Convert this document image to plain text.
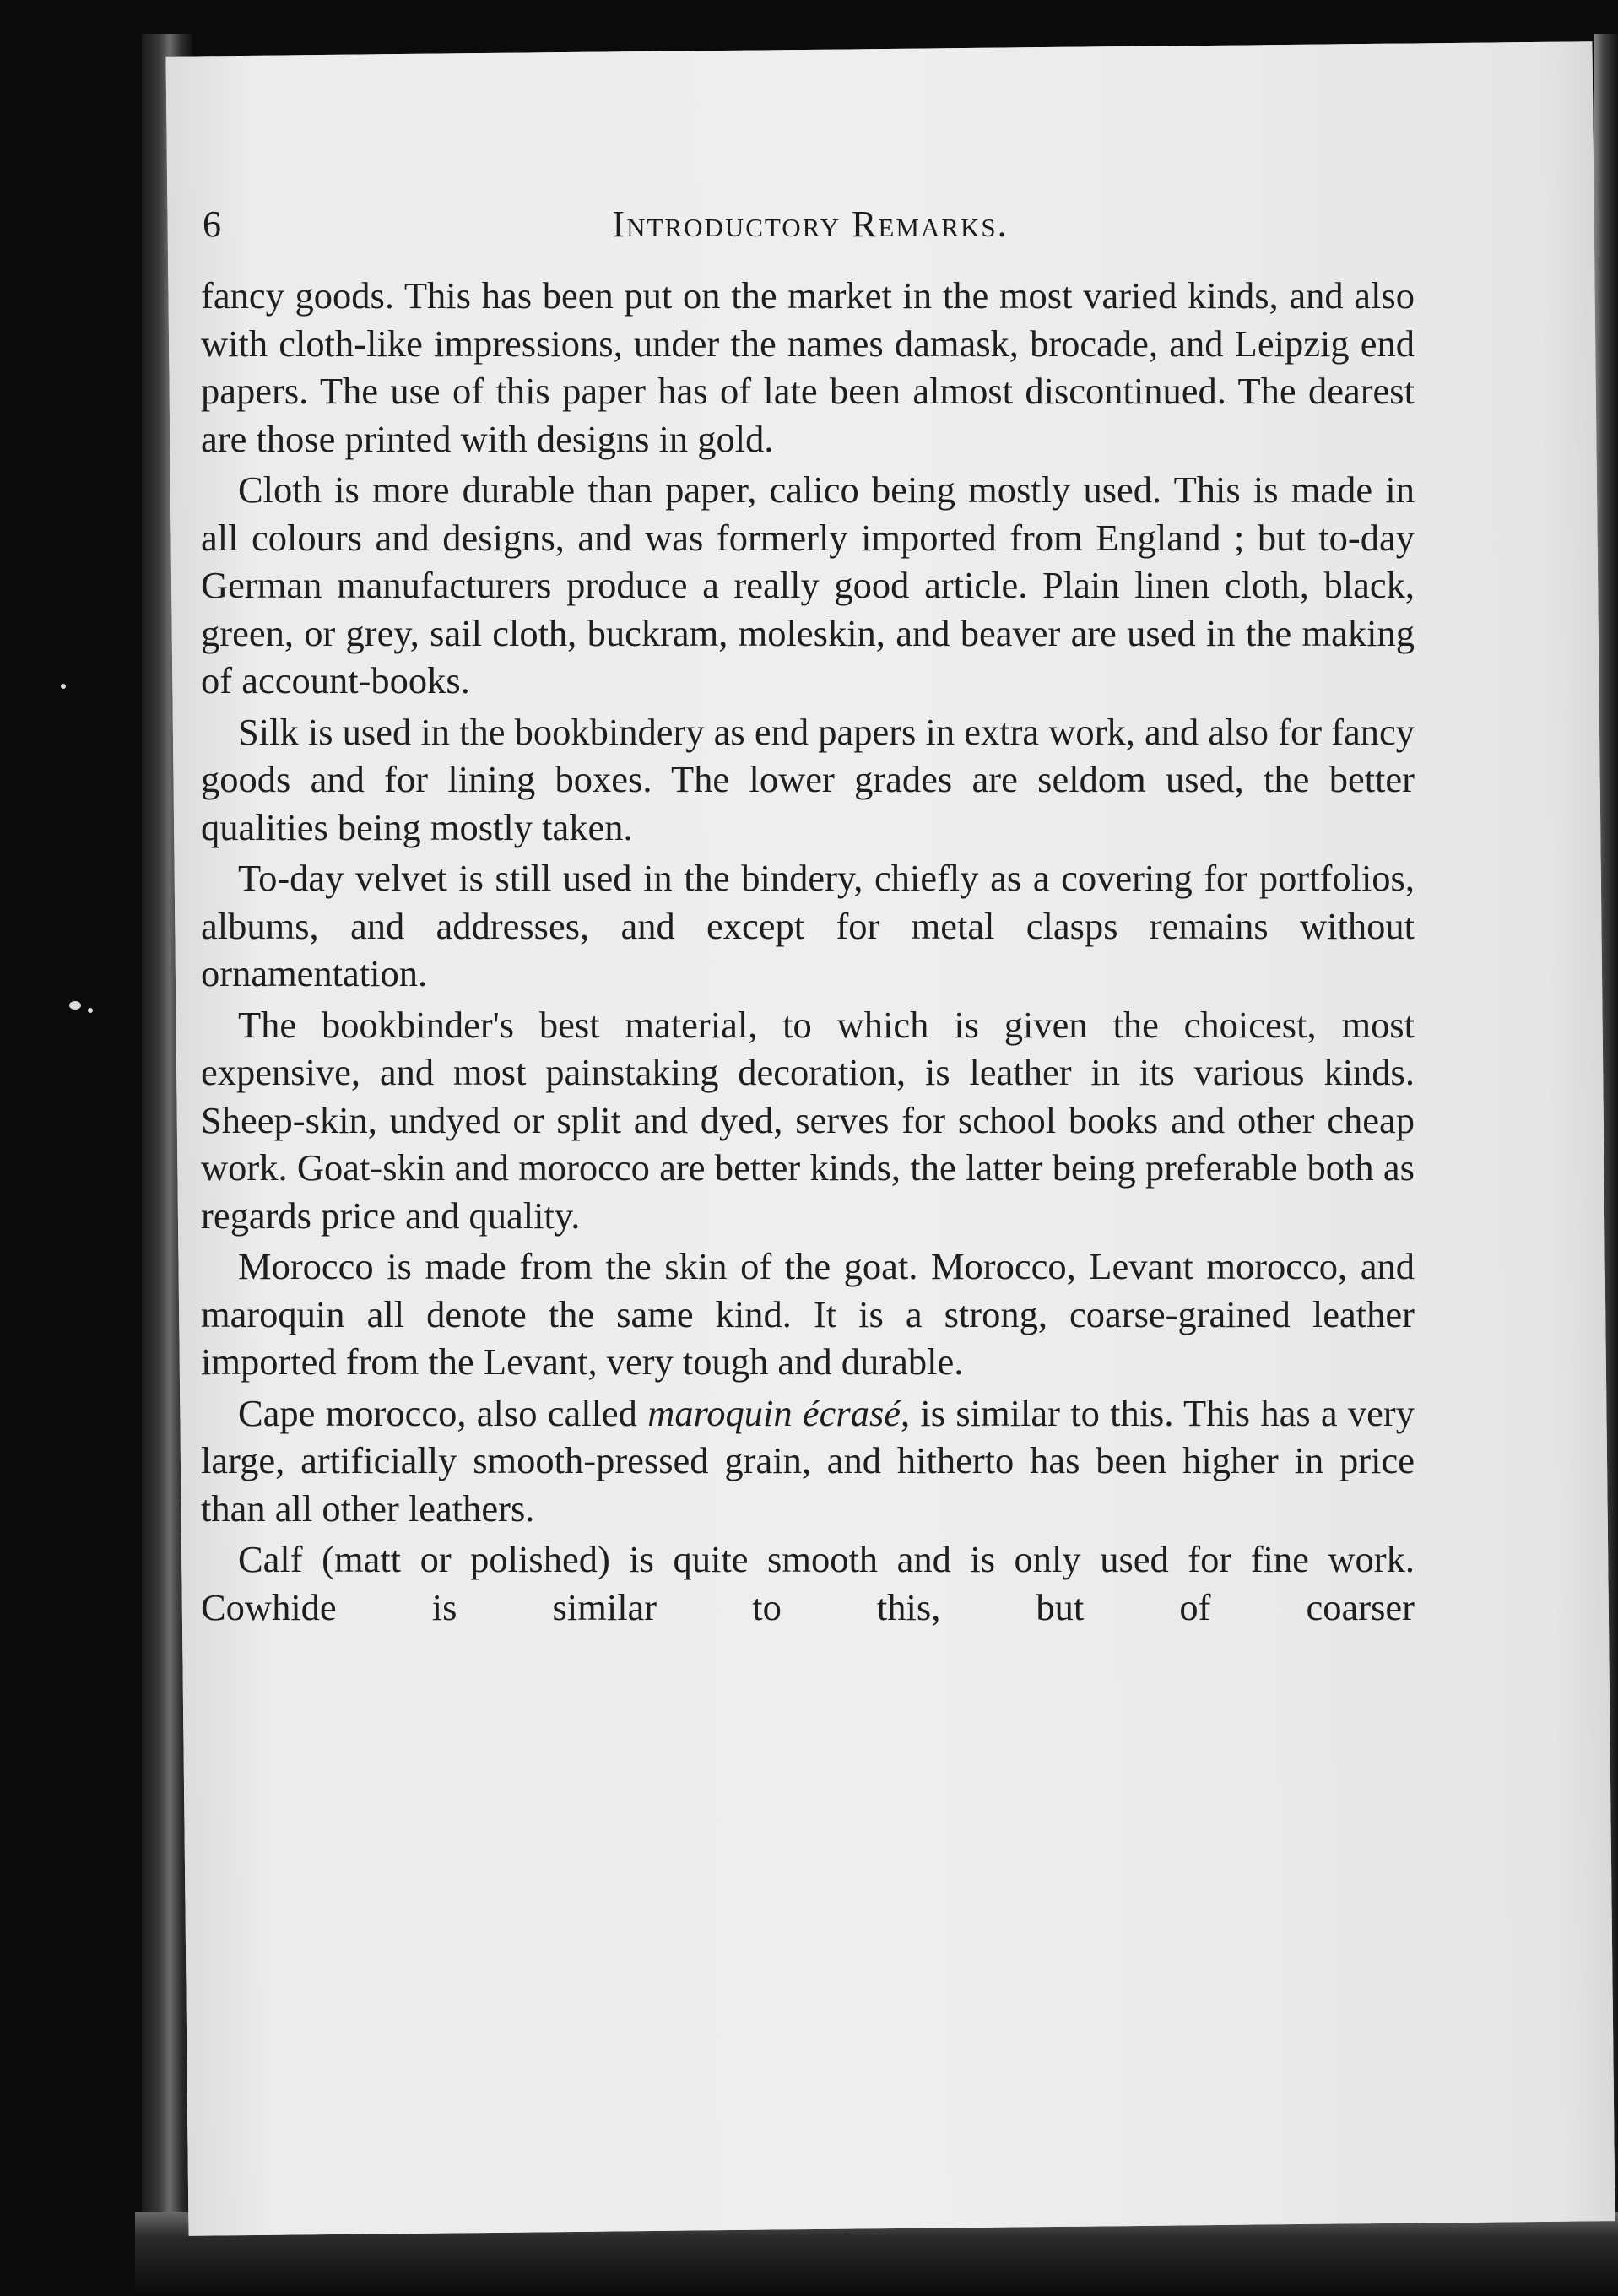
6	Introductory Remarks.

fancy goods. This has been put on the market in the most varied kinds, and also with cloth-like impressions, under the names damask, brocade, and Leipzig end papers. The use of this paper has of late been almost discontinued. The dearest are those printed with designs in gold.

Cloth is more durable than paper, calico being mostly used. This is made in all colours and designs, and was formerly imported from England ; but to-day German manufacturers produce a really good article. Plain linen cloth, black, green, or grey, sail cloth, buckram, moleskin, and beaver are used in the making of account-books.

Silk is used in the bookbindery as end papers in extra work, and also for fancy goods and for lining boxes. The lower grades are seldom used, the better qualities being mostly taken.

To-day velvet is still used in the bindery, chiefly as a covering for portfolios, albums, and addresses, and except for metal clasps remains without ornamentation.

The bookbinder's best material, to which is given the choicest, most expensive, and most painstaking decoration, is leather in its various kinds. Sheep-skin, undyed or split and dyed, serves for school books and other cheap work. Goat-skin and morocco are better kinds, the latter being preferable both as regards price and quality.

Morocco is made from the skin of the goat. Morocco, Levant morocco, and maroquin all denote the same kind. It is a strong, coarse-grained leather imported from the Levant, very tough and durable.

Cape morocco, also called maroquin écrasé, is similar to this. This has a very large, artificially smooth-pressed grain, and hitherto has been higher in price than all other leathers.

Calf (matt or polished) is quite smooth and is only used for fine work. Cowhide is similar to this, but of coarser
